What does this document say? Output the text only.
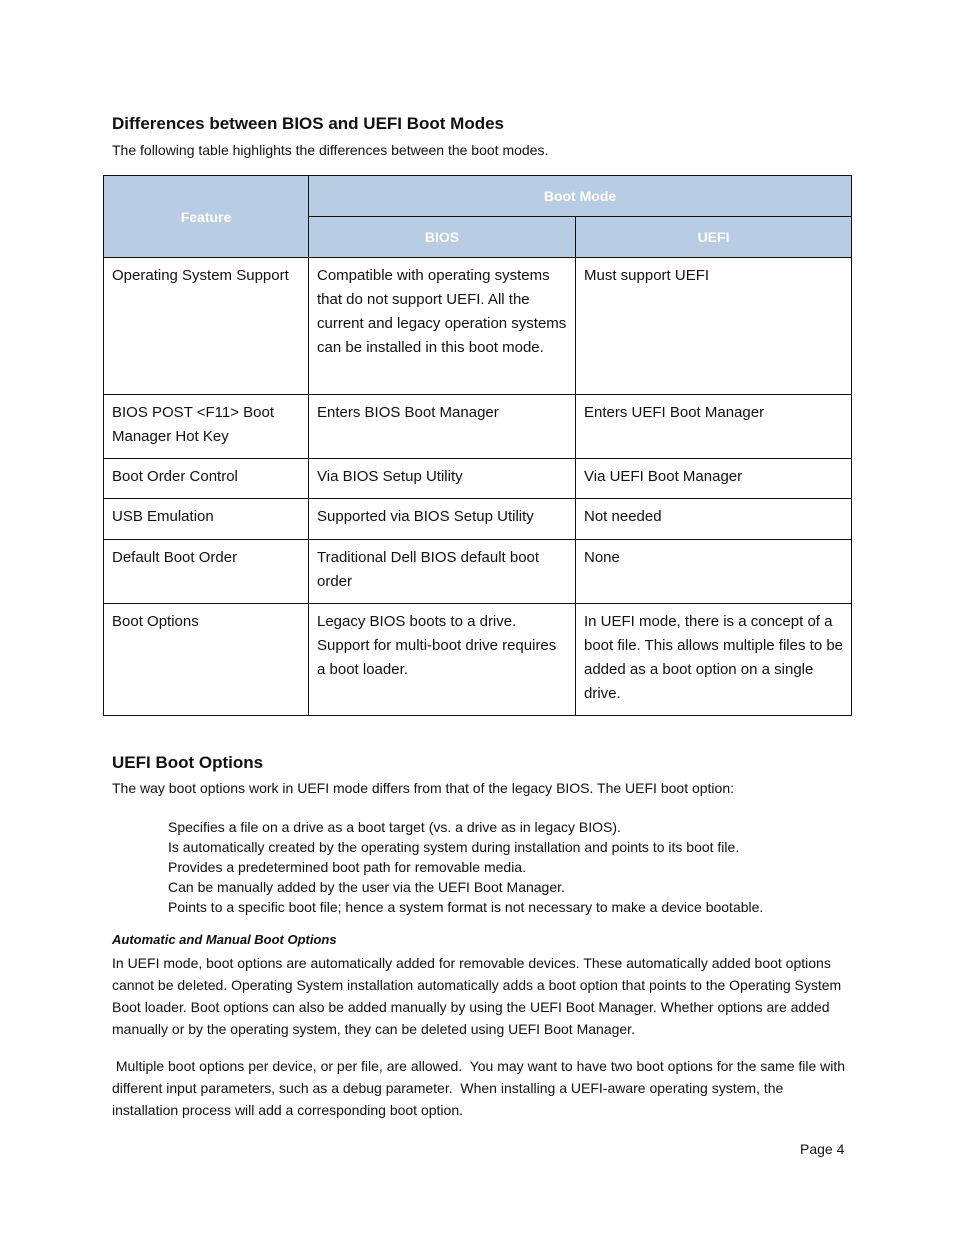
Differences between BIOS and UEFI Boot Modes

The following table highlights the differences between the boot modes.

Feature	Boot Mode	
	BIOS	UEFI
Operating System Support	Compatible with operating systems that do not support UEFI. All the current and legacy operation systems can be installed in this boot mode.	Must support UEFI
BIOS POST <F11> Boot Manager Hot Key	Enters BIOS Boot Manager	Enters UEFI Boot Manager
Boot Order Control	Via BIOS Setup Utility	Via UEFI Boot Manager
USB Emulation	Supported via BIOS Setup Utility	Not needed
Default Boot Order	Traditional Dell BIOS default boot order	None
Boot Options	Legacy BIOS boots to a drive. Support for multi-boot drive requires a boot loader.	In UEFI mode, there is a concept of a boot file. This allows multiple files to be added as a boot option on a single drive.
UEFI Boot Options

The way boot options work in UEFI mode differs from that of the legacy BIOS. The UEFI boot option:

Specifies a file on a drive as a boot target (vs. a drive as in legacy BIOS).
Is automatically created by the operating system during installation and points to its boot file.
Provides a predetermined boot path for removable media.
Can be manually added by the user via the UEFI Boot Manager.
Points to a specific boot file; hence a system format is not necessary to make a device bootable.
Automatic and Manual Boot Options

In UEFI mode, boot options are automatically added for removable devices. These automatically added boot options cannot be deleted. Operating System installation automatically adds a boot option that points to the Operating System Boot loader. Boot options can also be added manually by using the UEFI Boot Manager. Whether options are added manually or by the operating system, they can be deleted using UEFI Boot Manager.

Multiple boot options per device, or per file, are allowed.  You may want to have two boot options for the same file with different input parameters, such as a debug parameter.  When installing a UEFI-aware operating system, the installation process will add a corresponding boot option.

Page 4
